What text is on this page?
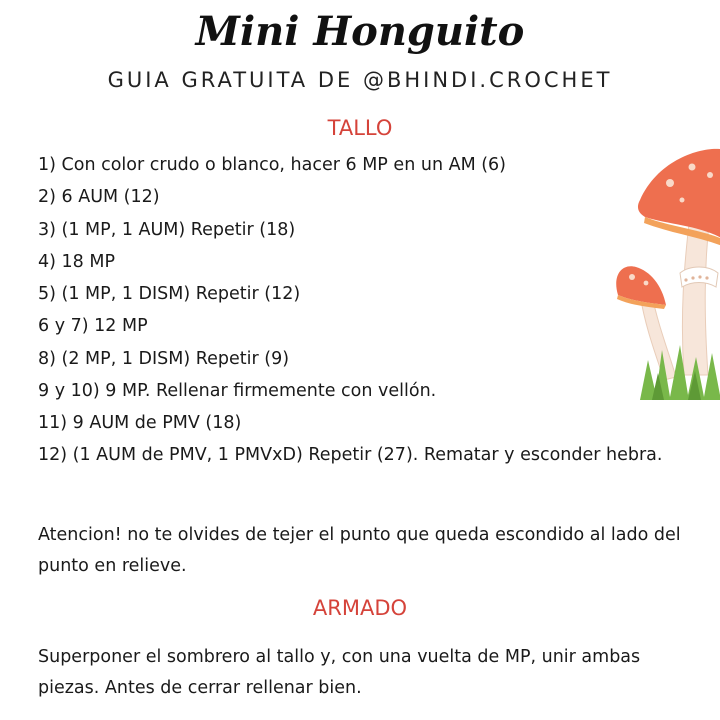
Mini Honguito
GUIA GRATUITA DE @BHINDI.CROCHET
TALLO
1) Con color crudo o blanco, hacer 6 MP en un AM (6)
2) 6 AUM (12)
3) (1 MP, 1 AUM) Repetir (18)
4) 18 MP
5) (1 MP, 1 DISM) Repetir (12)
6 y 7) 12 MP
8) (2 MP, 1 DISM) Repetir (9)
9 y 10) 9 MP. Rellenar firmemente con vellón.
11) 9 AUM de PMV (18)
12) (1 AUM de PMV, 1 PMVxD) Repetir (27). Rematar y esconder hebra.
Atencion! no te olvides de tejer el punto que queda escondido al lado del punto en relieve.
ARMADO
Superponer el sombrero al tallo y, con una vuelta de MP, unir ambas piezas. Antes de cerrar rellenar bien.
